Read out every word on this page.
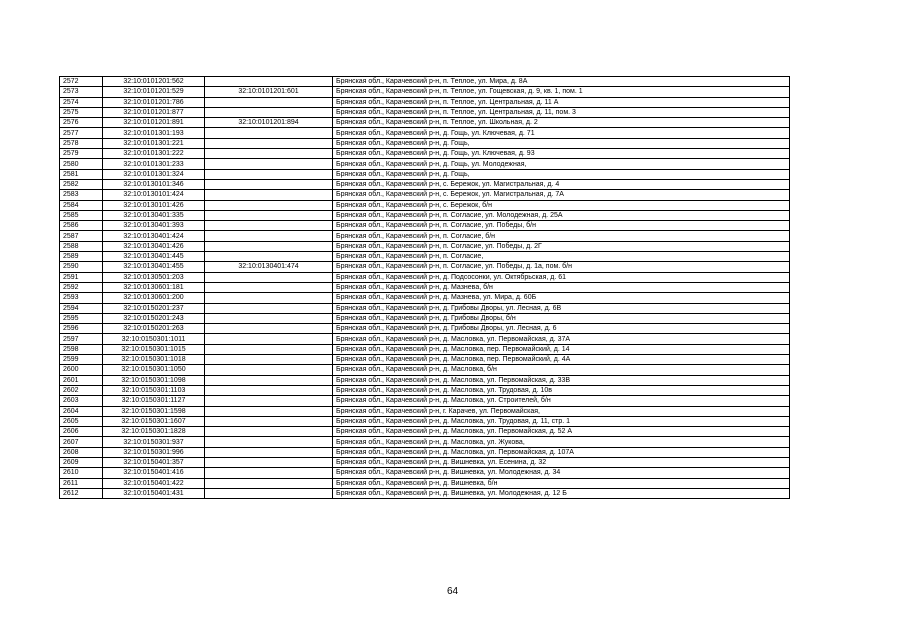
2572	32:10:0101201:562		Брянская обл., Карачевский р-н, п. Теплое, ул. Мира, д. 8А
2573	32:10:0101201:529	32:10:0101201:601	Брянская обл., Карачевский р-н, п. Теплое, ул. Гощевская, д. 9, кв. 1, пом. 1
2574	32:10:0101201:786		Брянская обл., Карачевский р-н, п. Теплое, ул. Центральная, д. 11 А
2575	32:10:0101201:877		Брянская обл., Карачевский р-н, п. Теплое, ул. Центральная, д. 11, пом. 3
2576	32:10:0101201:891	32:10:0101201:894	Брянская обл., Карачевский р-н, п. Теплое, ул. Школьная, д. 2
2577	32:10:0101301:193		Брянская обл., Карачевский р-н, д. Гощь, ул. Ключевая, д. 71
2578	32:10:0101301:221		Брянская обл., Карачевский р-н, д. Гощь,
2579	32:10:0101301:222		Брянская обл., Карачевский р-н, д. Гощь, ул. Ключевая, д. 93
2580	32:10:0101301:233		Брянская обл., Карачевский р-н, д. Гощь, ул. Молодежная,
2581	32:10:0101301:324		Брянская обл., Карачевский р-н, д. Гощь,
2582	32:10:0130101:346		Брянская обл., Карачевский р-н, с. Бережок, ул. Магистральная, д. 4
2583	32:10:0130101:424		Брянская обл., Карачевский р-н, с. Бережок, ул. Магистральная, д. 7А
2584	32:10:0130101:426		Брянская обл., Карачевский р-н, с. Бережок, б/н
2585	32:10:0130401:335		Брянская обл., Карачевский р-н, п. Согласие, ул. Молодежная, д. 25А
2586	32:10:0130401:393		Брянская обл., Карачевский р-н, п. Согласие, ул. Победы, б/н
2587	32:10:0130401:424		Брянская обл., Карачевский р-н, п. Согласие, б/н
2588	32:10:0130401:426		Брянская обл., Карачевский р-н, п. Согласие, ул. Победы, д. 2Г
2589	32:10:0130401:445		Брянская обл., Карачевский р-н, п. Согласие,
2590	32:10:0130401:455	32:10:0130401:474	Брянская обл., Карачевский р-н, п. Согласие, ул. Победы, д. 1а, пом. б/н
2591	32:10:0130501:203		Брянская обл., Карачевский р-н, д. Подсосонки, ул. Октябрьская, д. 61
2592	32:10:0130601:181		Брянская обл., Карачевский р-н, д. Мазнева, б/н
2593	32:10:0130601:200		Брянская обл., Карачевский р-н, д. Мазнева, ул. Мира, д. 60Б
2594	32:10:0150201:237		Брянская обл., Карачевский р-н, д. Грибовы Дворы, ул. Лесная, д. 6В
2595	32:10:0150201:243		Брянская обл., Карачевский р-н, д. Грибовы Дворы, б/н
2596	32:10:0150201:263		Брянская обл., Карачевский р-н, д. Грибовы Дворы, ул. Лесная, д. 6
2597	32:10:0150301:1011		Брянская обл., Карачевский р-н, д. Масловка, ул. Первомайская, д. 37А
2598	32:10:0150301:1015		Брянская обл., Карачевский р-н, д. Масловка, пер. Первомайский, д. 14
2599	32:10:0150301:1018		Брянская обл., Карачевский р-н, д. Масловка, пер. Первомайский, д. 4А
2600	32:10:0150301:1050		Брянская обл., Карачевский р-н, д. Масловка, б/н
2601	32:10:0150301:1098		Брянская обл., Карачевский р-н, д. Масловка, ул. Первомайская, д. 33В
2602	32:10:0150301:1103		Брянская обл., Карачевский р-н, д. Масловка, ул. Трудовая, д. 10в
2603	32:10:0150301:1127		Брянская обл., Карачевский р-н, д. Масловка, ул. Строителей, б/н
2604	32:10:0150301:1598		Брянская обл., Карачевский р-н, г. Карачев, ул. Первомайская,
2605	32:10:0150301:1607		Брянская обл., Карачевский р-н, д. Масловка, ул. Трудовая, д. 11, стр. 1
2606	32:10:0150301:1828		Брянская обл., Карачевский р-н, д. Масловка, ул. Первомайская, д. 52 А
2607	32:10:0150301:937		Брянская обл., Карачевский р-н, д. Масловка, ул. Жукова,
2608	32:10:0150301:996		Брянская обл., Карачевский р-н, д. Масловка, ул. Первомайская, д. 107А
2609	32:10:0150401:357		Брянская обл., Карачевский р-н, д. Вишневка, ул. Есенина, д. 32
2610	32:10:0150401:416		Брянская обл., Карачевский р-н, д. Вишневка, ул. Молодежная, д. 34
2611	32:10:0150401:422		Брянская обл., Карачевский р-н, д. Вишневка, б/н
2612	32:10:0150401:431		Брянская обл., Карачевский р-н, д. Вишневка, ул. Молодежная, д. 12 Б
64
